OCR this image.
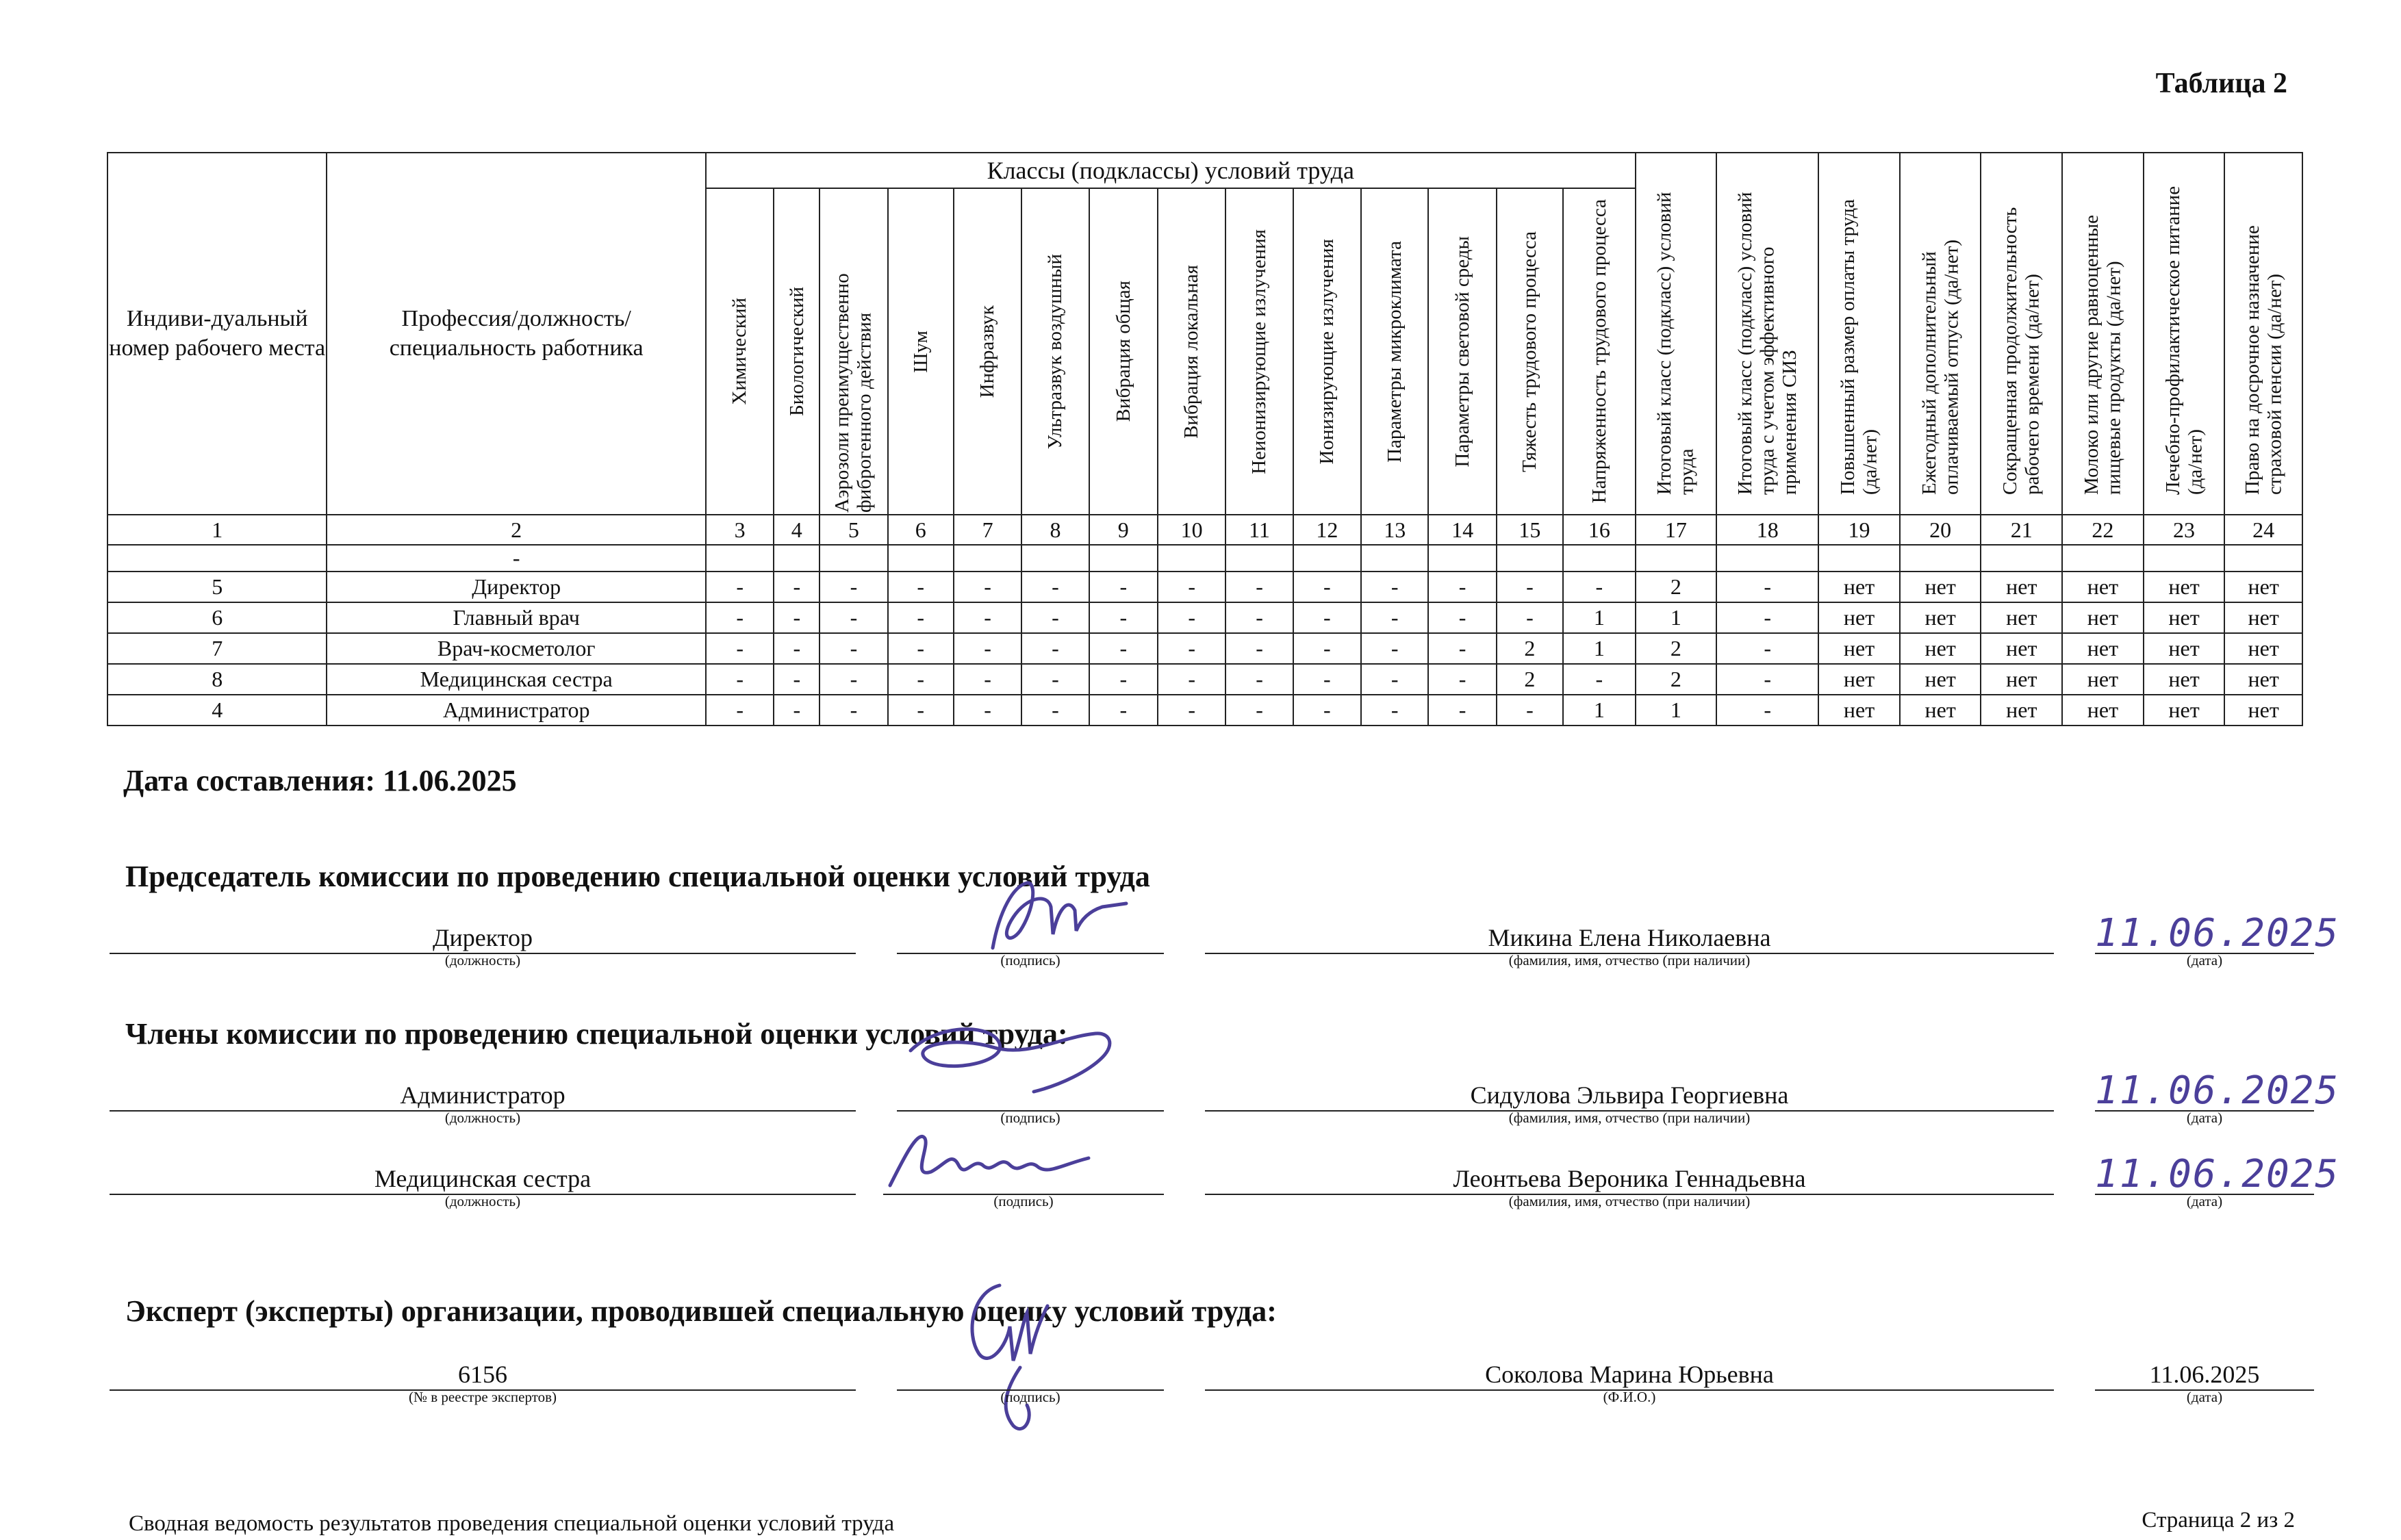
Таблица 2
Индиви-дуальный номер рабочего места	Профессия/должность/ специальность работника	Классы (подклассы) условий труда														Итоговый класс (подкласс) условий труда	Итоговый класс (подкласс) условий труда с учетом эффективного применения СИЗ	Повышенный размер оплаты труда (да/нет)	Ежегодный дополнительный оплачиваемый отпуск (да/нет)	Сокращенная продолжительность рабочего времени (да/нет)	Молоко или другие равноценные пищевые продукты (да/нет)	Лечебно-профилактическое питание (да/нет)	Право на досрочное назначение страховой пенсии (да/нет)

		Химический	Биологический	Аэрозоли преимущественно фиброгенного действия	Шум	Инфразвук	Ультразвук воздушный	Вибрация общая	Вибрация локальная	Неионизирующие излучения	Ионизирующие излучения	Параметры микроклимата	Параметры световой среды	Тяжесть трудового процесса	Напряженность трудового процесса								

1	2	3	4	5	6	7	8	9	10	11	12	13	14	15	16	17	18	19	20	21	22	23	24
	-																						
5	Директор	-	-	-	-	-	-	-	-	-	-	-	-	-	-	2	-	нет	нет	нет	нет	нет	нет
6	Главный врач	-	-	-	-	-	-	-	-	-	-	-	-	-	1	1	-	нет	нет	нет	нет	нет	нет
7	Врач-косметолог	-	-	-	-	-	-	-	-	-	-	-	-	2	1	2	-	нет	нет	нет	нет	нет	нет
8	Медицинская сестра	-	-	-	-	-	-	-	-	-	-	-	-	2	-	2	-	нет	нет	нет	нет	нет	нет
4	Администратор	-	-	-	-	-	-	-	-	-	-	-	-	-	1	1	-	нет	нет	нет	нет	нет	нет
Дата составления: 11.06.2025
Председатель комиссии по проведению специальной оценки условий труда
Директор
(должность)	(подпись)
Микина Елена Николаевна
(фамилия, имя, отчество (при наличии)
11.06.2025
(дата)
Члены комиссии по проведению специальной оценки условий труда:
Администратор
(должность)	(подпись)
Сидулова Эльвира Георгиевна
(фамилия, имя, отчество (при наличии)
11.06.2025
(дата)
Медицинская сестра
(должность)	(подпись)
Леонтьева Вероника Геннадьевна
(фамилия, имя, отчество (при наличии)
11.06.2025
(дата)
Эксперт (эксперты) организации, проводившей специальную оценку условий труда:
6156
(№ в реестре экспертов)	(подпись)
Соколова Марина Юрьевна
(Ф.И.О.)
11.06.2025
(дата)
Сводная ведомость результатов проведения специальной оценки условий труда	Страница 2 из 2
